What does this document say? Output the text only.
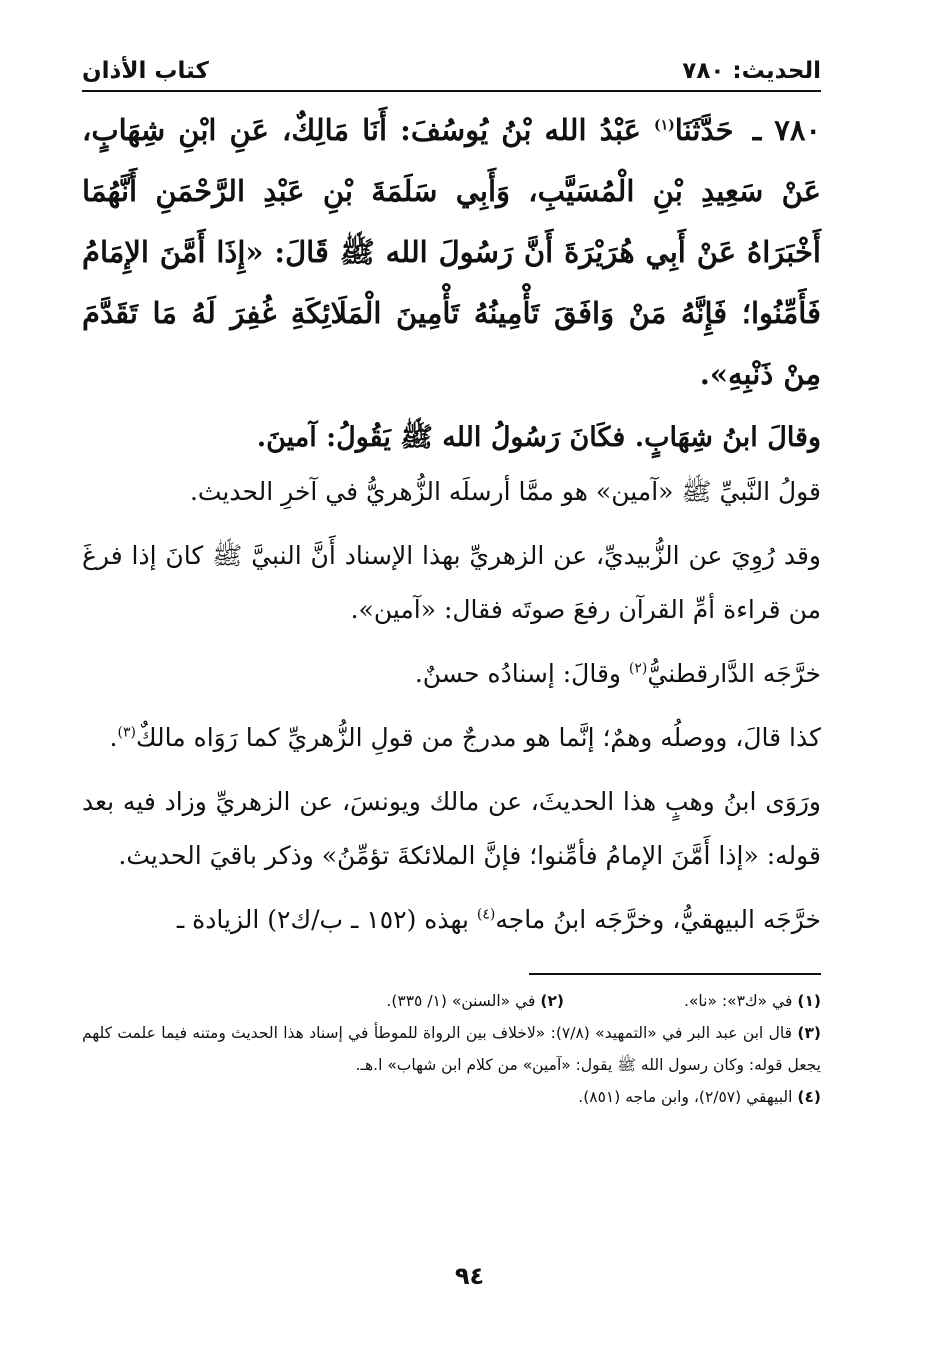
الحديث: ٧٨٠
كتاب الأذان

٧٨٠ ـ حَدَّثَنَا$^{(١)}$ عَبْدُ الله بْنُ يُوسُفَ: أَنَا مَالِكٌ، عَنِ ابْنِ شِهَابٍ، عَنْ سَعِيدِ بْنِ الْمُسَيَّبِ، وَأَبِي سَلَمَةَ بْنِ عَبْدِ الرَّحْمَنِ أَنَّهُمَا أَخْبَرَاهُ عَنْ أَبِي هُرَيْرَةَ أَنَّ رَسُولَ الله ﷺ قَالَ: «إِذَا أَمَّنَ الإِمَامُ فَأَمِّنُوا؛ فَإِنَّهُ مَنْ وَافَقَ تَأْمِينُهُ تَأْمِينَ الْمَلَائِكَةِ غُفِرَ لَهُ مَا تَقَدَّمَ مِنْ ذَنْبِهِ».

وقالَ ابنُ شِهَابٍ. فكَانَ رَسُولُ الله ﷺ يَقُولُ: آمينَ.

قولُ النَّبيِّ ﷺ «آمين» هو ممَّا أرسلَه الزُّهريُّ في آخرِ الحديث.

وقد رُوِيَ عن الزُّبيديِّ، عن الزهريِّ بهذا الإسناد أَنَّ النبيَّ ﷺ كانَ إذا فرغَ من قراءة أمِّ القرآن رفعَ صوتَه فقال: «آمين».

خرَّجَه الدَّارقطنيُّ$^{(٢)}$ وقالَ: إسنادُه حسنٌ.

كذا قالَ، ووصلُه وهمٌ؛ إنَّما هو مدرجٌ من قولِ الزُّهريِّ كما رَوَاه مالكٌ$^{(٣)}$.

ورَوَى ابنُ وهبٍ هذا الحديثَ، عن مالك ويونسَ، عن الزهريِّ وزاد فيه بعد قوله: «إذا أَمَّنَ الإمامُ فأمِّنوا؛ فإنَّ الملائكةَ تؤمِّنُ» وذكر باقيَ الحديث.

خرَّجَه البيهقيُّ، وخرَّجَه ابنُ ماجه$^{(٤)}$ بهذه (١٥٢ ـ ب/ك٢) الزيادة ـ

(١) في «ك٣»: «نا».

(٢) في «السنن» (١/ ٣٣٥).

(٣) قال ابن عبد البر في «التمهيد» (٧/٨): «لاخلاف بين الرواة للموطأ في إسناد هذا الحديث ومتنه فيما علمت كلهم يجعل قوله: وكان رسول الله ﷺ يقول: «آمين» من كلام ابن شهاب» ا.هـ.

(٤) البيهقي (٢/٥٧)، وابن ماجه (٨٥١).

٩٤
